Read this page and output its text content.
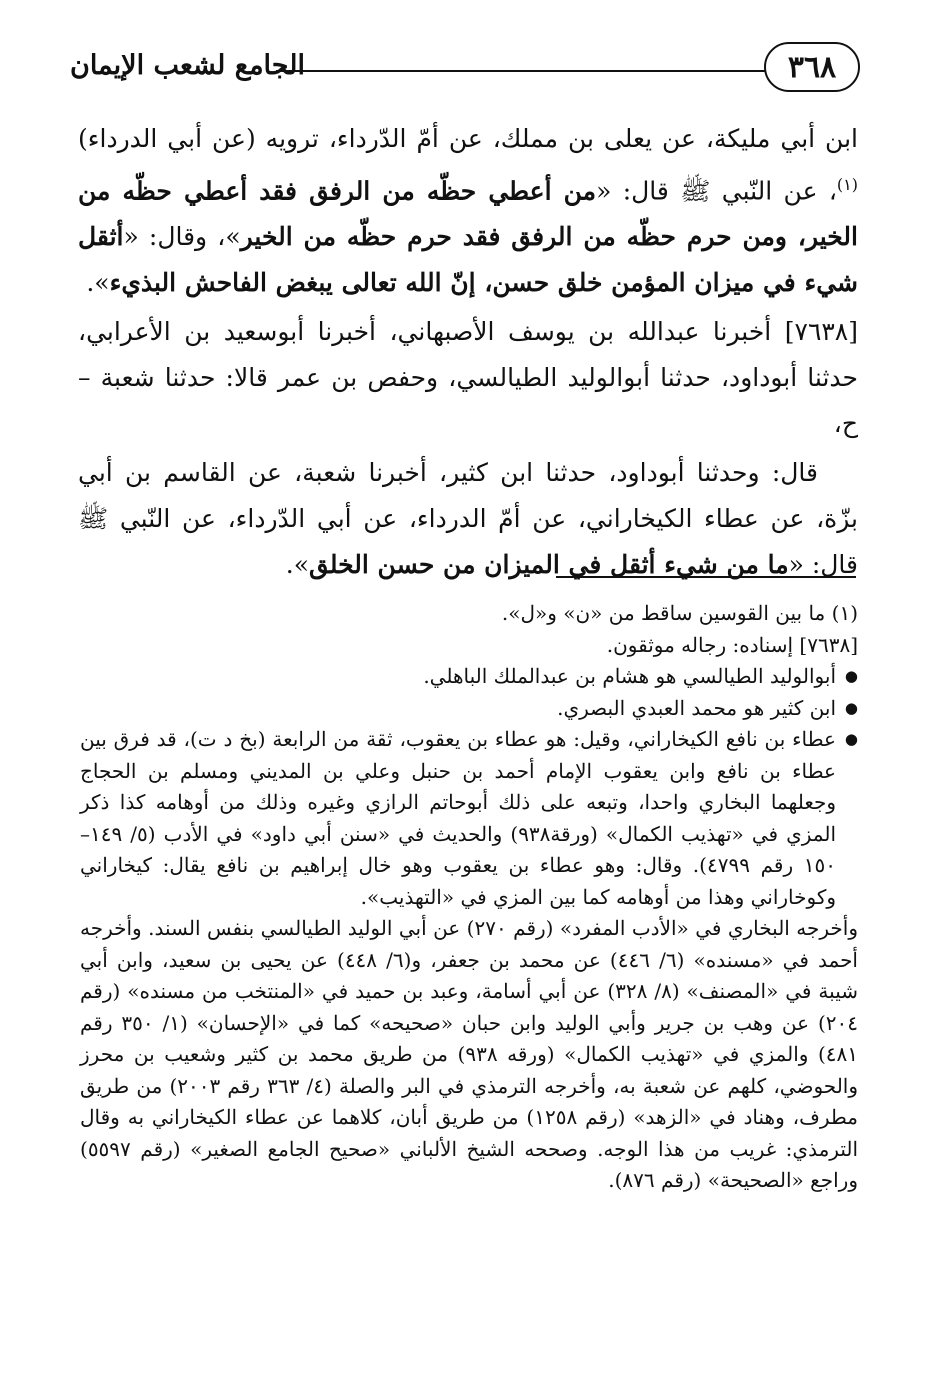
٣٦٨
الجامع لشعب الإيمان

ابن أبي مليكة، عن يعلى بن مملك، عن أمّ الدّرداء، ترويه (عن أبي الدرداء) $^{(١)}$، عن النّبي ﷺ قال: «من أعطي حظّه من الرفق فقد أعطي حظّه من الخير، ومن حرم حظّه من الرفق فقد حرم حظّه من الخير»، وقال: «أثقل شيء في ميزان المؤمن خلق حسن، إنّ الله تعالى يبغض الفاحش البذيء».

[٧٦٣٨] أخبرنا عبدالله بن يوسف الأصبهاني، أخبرنا أبوسعيد بن الأعرابي، حدثنا أبوداود، حدثنا أبوالوليد الطيالسي، وحفص بن عمر قالا: حدثنا شعبة – ح،

قال: وحدثنا أبوداود، حدثنا ابن كثير، أخبرنا شعبة، عن القاسم بن أبي بزّة، عن عطاء الكيخاراني، عن أمّ الدرداء، عن أبي الدّرداء، عن النّبي ﷺ قال: «ما من شيء أثقل في الميزان من حسن الخلق».

(١) ما بين القوسين ساقط من «ن» و«ل».

[٧٦٣٨] إسناده: رجاله موثقون.

● أبوالوليد الطيالسي هو هشام بن عبدالملك الباهلي.
● ابن كثير هو محمد العبدي البصري.
● عطاء بن نافع الكيخاراني، وقيل: هو عطاء بن يعقوب، ثقة من الرابعة (بخ د ت)، قد فرق بين عطاء بن نافع وابن يعقوب الإمام أحمد بن حنبل وعلي بن المديني ومسلم بن الحجاج وجعلهما البخاري واحدا، وتبعه على ذلك أبوحاتم الرازي وغيره وذلك من أوهامه كذا ذكر المزي في «تهذيب الكمال» (ورقة٩٣٨) والحديث في «سنن أبي داود» في الأدب (٥/ ١٤٩– ١٥٠ رقم ٤٧٩٩). وقال: وهو عطاء بن يعقوب وهو خال إبراهيم بن نافع يقال: كيخاراني وكوخاراني وهذا من أوهامه كما بين المزي في «التهذيب».

وأخرجه البخاري في «الأدب المفرد» (رقم ٢٧٠) عن أبي الوليد الطيالسي بنفس السند. وأخرجه أحمد في «مسنده» (٦/ ٤٤٦) عن محمد بن جعفر، و(٦/ ٤٤٨) عن يحيى بن سعيد، وابن أبي شيبة في «المصنف» (٨/ ٣٢٨) عن أبي أسامة، وعبد بن حميد في «المنتخب من مسنده» (رقم ٢٠٤) عن وهب بن جرير وأبي الوليد وابن حبان «صحيحه» كما في «الإحسان» (١/ ٣٥٠ رقم ٤٨١) والمزي في «تهذيب الكمال» (ورقه ٩٣٨) من طريق محمد بن كثير وشعيب بن محرز والحوضي، كلهم عن شعبة به، وأخرجه الترمذي في البر والصلة (٤/ ٣٦٣ رقم ٢٠٠٣) من طريق مطرف، وهناد في «الزهد» (رقم ١٢٥٨) من طريق أبان، كلاهما عن عطاء الكيخاراني به وقال الترمذي: غريب من هذا الوجه. وصححه الشيخ الألباني «صحيح الجامع الصغير» (رقم ٥٥٩٧) وراجع «الصحيحة» (رقم ٨٧٦).
